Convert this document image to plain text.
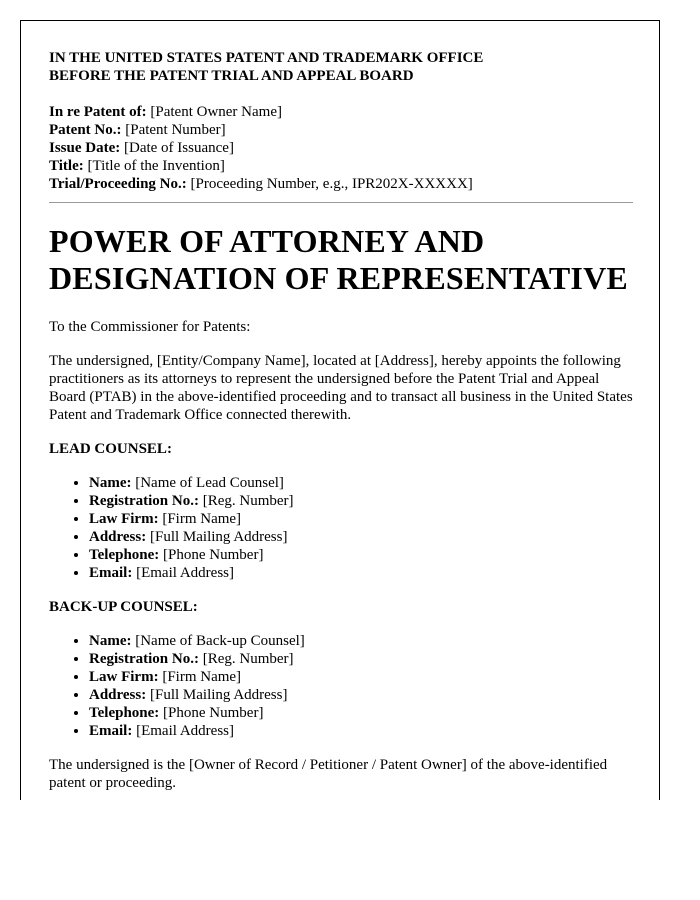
IN THE UNITED STATES PATENT AND TRADEMARK OFFICE
BEFORE THE PATENT TRIAL AND APPEAL BOARD

In re Patent of: [Patent Owner Name]
Patent No.: [Patent Number]
Issue Date: [Date of Issuance]
Title: [Title of the Invention]
Trial/Proceeding No.: [Proceeding Number, e.g., IPR202X-XXXXX]
POWER OF ATTORNEY AND
DESIGNATION OF REPRESENTATIVE

To the Commissioner for Patents:

The undersigned, [Entity/Company Name], located at [Address], hereby appoints the following practitioners as its attorneys to represent the undersigned before the Patent Trial and Appeal Board (PTAB) in the above-identified proceeding and to transact all business in the United States Patent and Trademark Office connected therewith.

LEAD COUNSEL:
• Name: [Name of Lead Counsel]
• Registration No.: [Reg. Number]
• Law Firm: [Firm Name]
• Address: [Full Mailing Address]
• Telephone: [Phone Number]
• Email: [Email Address]
BACK-UP COUNSEL:
• Name: [Name of Back-up Counsel]
• Registration No.: [Reg. Number]
• Law Firm: [Firm Name]
• Address: [Full Mailing Address]
• Telephone: [Phone Number]
• Email: [Email Address]

The undersigned is the [Owner of Record / Petitioner / Patent Owner] of the above-identified patent or proceeding.
